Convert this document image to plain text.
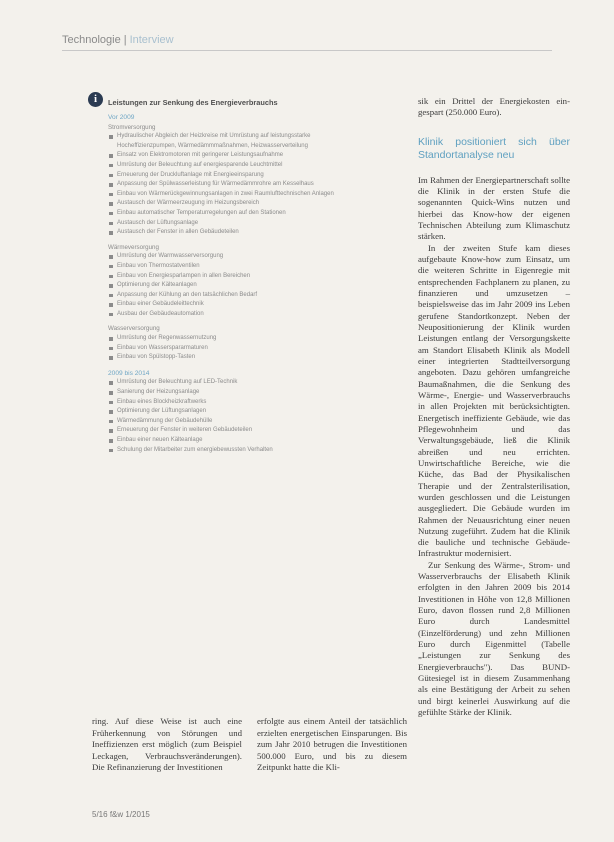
Technologie | Interview
i	Leistungen zur Senkung des Energieverbrauchs
Vor 2009
Stromversorgung
Hydraulischer Abgleich der Heizkreise mit Umrüstung auf leistungsstarke Hocheffizienzpumpen, Wärmedämmmaßnahmen, Heizwasserverteilung
Einsatz von Elektromotoren mit geringerer Leistungsaufnahme
Umrüstung der Beleuchtung auf energiesparende Leuchtmittel
Erneuerung der Druckluftanlage mit Energieeinsparung
Anpassung der Spülwasserleistung für Wärmedämmrohre am Kesselhaus
Einbau von Wärmerückgewinnungsanlagen in zwei Raumlufttechnischen Anlagen
Austausch der Wärmeerzeugung im Heizungsbereich
Einbau automatischer Temperaturregelungen auf den Stationen
Austausch der Lüftungsanlage
Austausch der Fenster in allen Gebäudeteilen
Wärmeversorgung
Umrüstung der Warmwasserversorgung
Einbau von Thermostatventilen
Einbau von Energiesparlampen in allen Bereichen
Optimierung der Kälteanlagen
Anpassung der Kühlung an den tatsächlichen Bedarf
Einbau einer Gebäudeleittechnik
Ausbau der Gebäudeautomation
Wasserversorgung
Umrüstung der Regenwassernutzung
Einbau von Wasserspararmaturen
Einbau von Spülstopp-Tasten
2009 bis 2014
Umrüstung der Beleuchtung auf LED-Technik
Sanierung der Heizungsanlage
Einbau eines Blockheizkraftwerks
Optimierung der Lüftungsanlagen
Wärmedämmung der Gebäudehülle
Erneuerung der Fenster in weiteren Gebäudeteilen
Einbau einer neuen Kälteanlage
Schulung der Mitarbeiter zum energiebewussten Verhalten

sik ein Drittel der Energiekosten ein-gespart (250.000 Euro).

Klinik positioniert sich über Standortanalyse neu

Im Rahmen der Energiepartnerschaft sollte die Klinik in der ersten Stufe die sogenannten Quick-Wins nutzen und hierbei das Know-how der eigenen Technischen Abteilung zum Klimaschutz stärken.

In der zweiten Stufe kam dieses aufgebaute Know-how zum Einsatz, um die weiteren Schritte in Eigenregie mit entsprechenden Fachplanern zu planen, zu finanzieren und umzusetzen – beispielsweise das im Jahr 2009 ins Leben gerufene Standortkonzept. Neben der Neupositionierung der Klinik wurden Leistungen entlang der Versorgungskette am Standort Elisabeth Klinik als Modell einer integrierten Stadtteilversorgung angeboten. Dazu gehören umfangreiche Baumaßnahmen, die die Senkung des Wärme-, Energie- und Wasserverbrauchs in allen Projekten mit berücksichtigten. Energetisch ineffiziente Gebäude, wie das Pflegewohnheim und das Verwaltungsgebäude, ließ die Klinik abreißen und neu errichten. Unwirtschaftliche Bereiche, wie die Küche, das Bad der Physikalischen Therapie und der Zentralsterilisation, wurden geschlossen und die Leistungen ausgegliedert. Die Gebäude wurden im Rahmen der Neuausrichtung einer neuen Nutzung zugeführt. Zudem hat die Klinik die bauliche und technische Gebäude-Infrastruktur modernisiert.

Zur Senkung des Wärme-, Strom- und Wasserverbrauchs der Elisabeth Klinik erfolgten in den Jahren 2009 bis 2014 Investitionen in Höhe von 12,8 Millionen Euro, davon flossen rund 2,8 Millionen Euro durch Landesmittel (Einzelförderung) und zehn Millionen Euro durch Eigenmittel (Tabelle „Leistungen zur Senkung des Energieverbrauchs"). Das BUND-Gütesiegel ist in diesem Zusammenhang als eine Bestätigung der Arbeit zu sehen und birgt keinerlei Auswirkung auf die gefühlte Stärke der Klinik.

ring. Auf diese Weise ist auch eine Früherkennung von Störungen und Ineffizienzen erst möglich (zum Beispiel Leckagen, Verbrauchsveränderungen). Die Refinanzierung der Investitionen

erfolgte aus einem Anteil der tatsächlich erzielten energetischen Einsparungen. Bis zum Jahr 2010 betrugen die Investitionen 500.000 Euro, und bis zu diesem Zeitpunkt hatte die Kli-

5/16 f&w 1/2015
